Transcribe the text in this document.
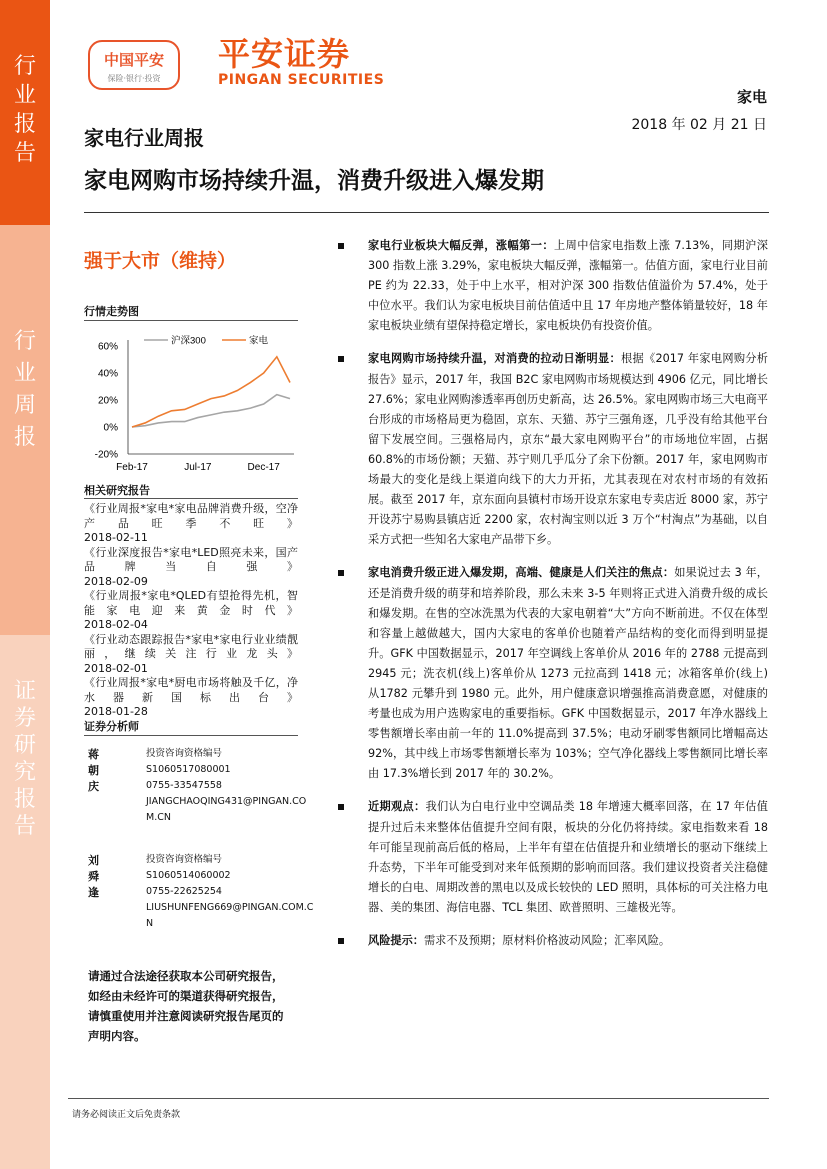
行
业
报
告
行
业
周
报
证
券
研
究
报
告
中国平安
保险·银行·投资
平安证券
PINGAN SECURITIES
家电
2018 年 02 月 21 日
家电行业周报
家电网购市场持续升温，消费升级进入爆发期
强于大市（维持）
行情走势图
60%
40%
20%
0%
-20%
Feb-17	Jul-17	Dec-17
沪深300	家电
相关研究报告
《行业周报*家电*家电品牌消费升级，空净产品旺季不旺》
2018-02-11
《行业深度报告*家电*LED照亮未来，国产品牌当自强》
2018-02-09
《行业周报*家电*QLED有望抢得先机，智能家电迎来黄金时代》
2018-02-04
《行业动态跟踪报告*家电*家电行业业绩靓丽，继续关注行业龙头》
2018-02-01
《行业周报*家电*厨电市场将触及千亿，净水器新国标出台》
2018-01-28
证券分析师
蒋朝庆
投资咨询资格编号
S1060517080001
0755-33547558
JIANGCHAOQING431@PINGAN.COM.CN
刘舜逢
投资咨询资格编号
S1060514060002
0755-22625254
LIUSHUNFENG669@PINGAN.COM.CN
请通过合法途径获取本公司研究报告，如经由未经许可的渠道获得研究报告，请慎重使用并注意阅读研究报告尾页的声明内容。
家电行业板块大幅反弹，涨幅第一：上周中信家电指数上涨 7.13%，同期沪深 300 指数上涨 3.29%，家电板块大幅反弹，涨幅第一。估值方面，家电行业目前 PE 约为 22.33，处于中上水平，相对沪深 300 指数估值溢价为 57.4%，处于中位水平。我们认为家电板块目前估值适中且 17 年房地产整体销量较好，18 年家电板块业绩有望保持稳定增长，家电板块仍有投资价值。
家电网购市场持续升温，对消费的拉动日渐明显：根据《2017 年家电网购分析报告》显示，2017 年，我国 B2C 家电网购市场规模达到 4906 亿元，同比增长 27.6%；家电业网购渗透率再创历史新高，达 26.5%。家电网购市场三大电商平台形成的市场格局更为稳固，京东、天猫、苏宁三强角逐，几乎没有给其他平台留下发展空间。三强格局内，京东“最大家电网购平台”的市场地位牢固，占据 60.8%的市场份额；天猫、苏宁则几乎瓜分了余下份额。2017 年，家电网购市场最大的变化是线上渠道向线下的大力开拓，尤其表现在对农村市场的有效拓展。截至 2017 年，京东面向县镇村市场开设京东家电专卖店近 8000 家，苏宁开设苏宁易购县镇店近 2200 家，农村淘宝则以近 3 万个“村淘点”为基础，以自采方式把一些知名大家电产品带下乡。
家电消费升级正进入爆发期，高端、健康是人们关注的焦点：如果说过去 3 年，还是消费升级的萌芽和培养阶段，那么未来 3-5 年则将正式进入消费升级的成长和爆发期。在售的空冰洗黑为代表的大家电朝着“大”方向不断前进。不仅在体型和容量上越做越大，国内大家电的客单价也随着产品结构的变化而得到明显提升。GFK 中国数据显示，2017 年空调线上客单价从 2016 年的 2788 元提高到 2945 元；洗衣机(线上)客单价从 1273 元拉高到 1418 元；冰箱客单价(线上)从1782 元攀升到 1980 元。此外，用户健康意识增强推高消费意愿，对健康的考量也成为用户选购家电的重要指标。GFK 中国数据显示，2017 年净水器线上零售额增长率由前一年的 11.0%提高到 37.5%；电动牙刷零售额同比增幅高达 92%，其中线上市场零售额增长率为 103%；空气净化器线上零售额同比增长率由 17.3%增长到 2017 年的 30.2%。
近期观点：我们认为白电行业中空调品类 18 年增速大概率回落，在 17 年估值提升过后未来整体估值提升空间有限，板块的分化仍将持续。家电指数来看 18 年可能呈现前高后低的格局，上半年有望在估值提升和业绩增长的驱动下继续上升态势，下半年可能受到对来年低预期的影响而回落。我们建议投资者关注稳健增长的白电、周期改善的黑电以及成长较快的 LED 照明，具体标的可关注格力电器、美的集团、海信电器、TCL 集团、欧普照明、三雄极光等。
风险提示：需求不及预期；原材料价格波动风险；汇率风险。
请务必阅读正文后免责条款
